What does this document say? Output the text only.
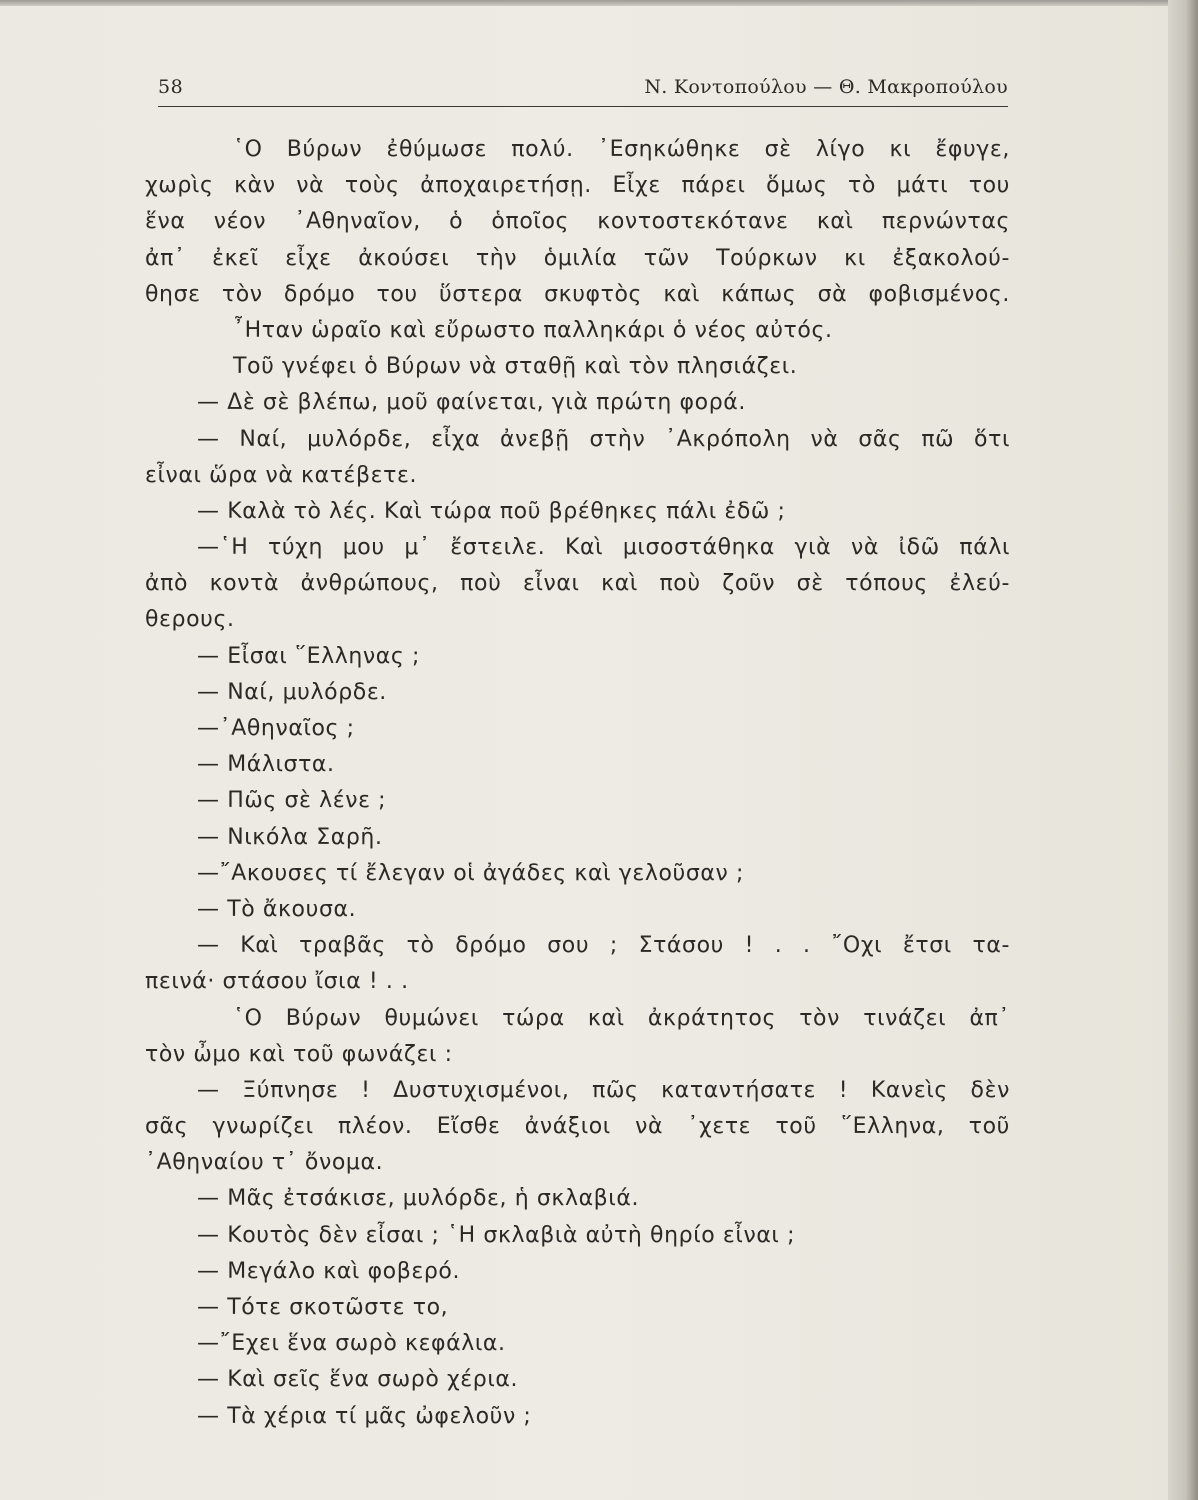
58	Ν. Κοντοπούλου — Θ. Μακροπούλου
῾Ο Βύρων ἐθύμωσε πολύ. ᾿Εσηκώθηκε σὲ λίγο κι ἔφυγε,
χωρὶς κὰν νὰ τοὺς ἀποχαιρετήσῃ. Εἶχε πάρει ὅμως τὸ μάτι του
ἕνα νέον ᾿Αθηναῖον, ὁ ὁποῖος κοντοστεκότανε καὶ περνώντας
ἀπ᾿ ἐκεῖ εἶχε ἀκούσει τὴν ὁμιλία τῶν Τούρκων κι ἐξακολού-
θησε τὸν δρόμο του ὕστερα σκυφτὸς καὶ κάπως σὰ φοβισμένος.
῏Ηταν ὡραῖο καὶ εὔρωστο παλληκάρι ὁ νέος αὐτός.
Τοῦ γνέφει ὁ Βύρων νὰ σταθῇ καὶ τὸν πλησιάζει.
— Δὲ σὲ βλέπω, μοῦ φαίνεται, γιὰ πρώτη φορά.
— Ναί, μυλόρδε, εἶχα ἀνεβῇ στὴν ᾿Ακρόπολη νὰ σᾶς πῶ ὅτι
εἶναι ὥρα νὰ κατέβετε.
— Καλὰ τὸ λές. Καὶ τώρα ποῦ βρέθηκες πάλι ἐδῶ ;
—῾Η τύχη μου μ᾿ ἔστειλε. Καὶ μισοστάθηκα γιὰ νὰ ἰδῶ πάλι
ἀπὸ κοντὰ ἀνθρώπους, ποὺ εἶναι καὶ ποὺ ζοῦν σὲ τόπους ἐλεύ-
θερους.
— Εἶσαι ῞Ελληνας ;
— Ναί, μυλόρδε.
—᾿Αθηναῖος ;
— Μάλιστα.
— Πῶς σὲ λένε ;
— Νικόλα Σαρῆ.
—῎Ακουσες τί ἔλεγαν οἱ ἀγάδες καὶ γελοῦσαν ;
— Τὸ ἄκουσα.
— Καὶ τραβᾶς τὸ δρόμο σου ; Στάσου ! . . ῎Οχι ἔτσι τα-
πεινά· στάσου ἴσια ! . .
῾Ο Βύρων θυμώνει τώρα καὶ ἀκράτητος τὸν τινάζει ἀπ᾿
τὸν ὦμο καὶ τοῦ φωνάζει :
— Ξύπνησε ! Δυστυχισμένοι, πῶς καταντήσατε ! Κανεὶς δὲν
σᾶς γνωρίζει πλέον. Εἴσθε ἀνάξιοι νὰ ᾿χετε τοῦ ῞Ελληνα, τοῦ
᾿Αθηναίου τ᾿ ὄνομα.
— Μᾶς ἐτσάκισε, μυλόρδε, ἡ σκλαβιά.
— Κουτὸς δὲν εἶσαι ; ῾Η σκλαβιὰ αὐτὴ θηρίο εἶναι ;
— Μεγάλο καὶ φοβερό.
— Τότε σκοτῶστε το,
—῎Εχει ἕνα σωρὸ κεφάλια.
— Καὶ σεῖς ἕνα σωρὸ χέρια.
— Τὰ χέρια τί μᾶς ὠφελοῦν ;
